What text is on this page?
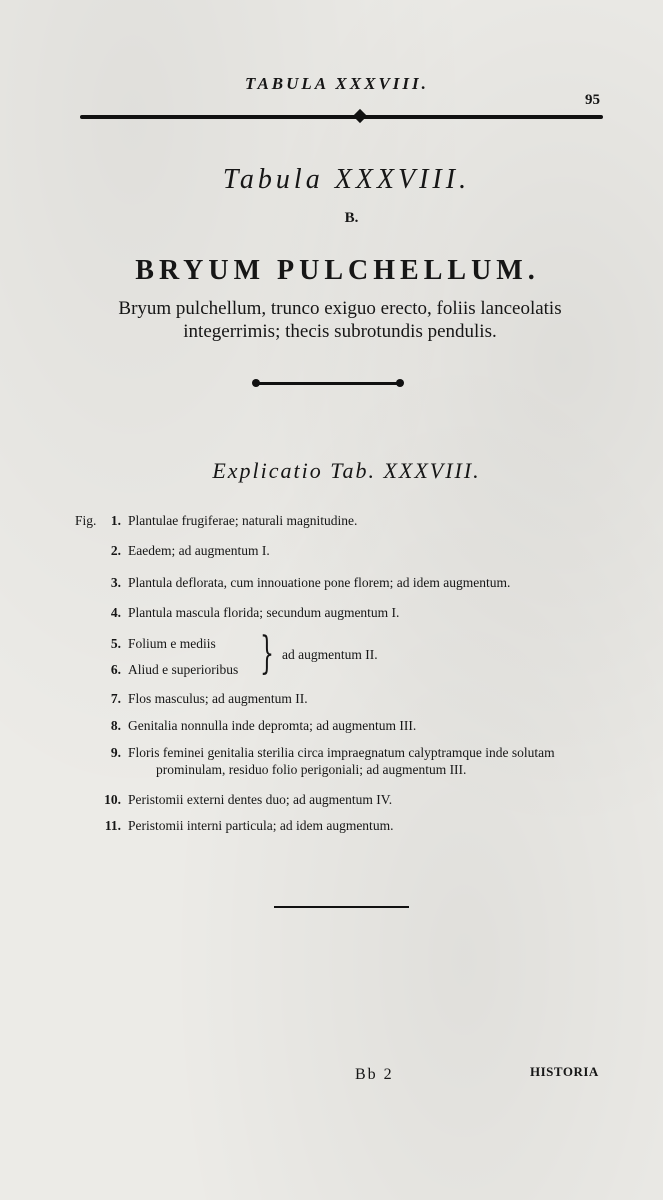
TABULA XXXVIII.
95
Tabula XXXVIII.
B.
BRYUM PULCHELLUM.
Bryum pulchellum, trunco exiguo erecto, foliis lanceolatis integerrimis; thecis subrotundis pendulis.
Explicatio Tab. XXXVIII.
Fig.	1. Plantulae frugiferae; naturali magnitudine.
2. Eaedem; ad augmentum I.
3. Plantula deflorata, cum innouatione pone florem; ad idem augmentum.
4. Plantula mascula florida; secundum augmentum I.
5. Folium e mediis
6. Aliud e superioribus } ad augmentum II.
7. Flos masculus; ad augmentum II.
8. Genitalia nonnulla inde depromta; ad augmentum III.
9. Floris feminei genitalia sterilia circa impraegnatum calyptramque inde solutam
prominulam, residuo folio perigoniali; ad augmentum III.
10. Peristomii externi dentes duo; ad augmentum IV.
11. Peristomii interni particula; ad idem augmentum.
Bb 2	HISTORIA
